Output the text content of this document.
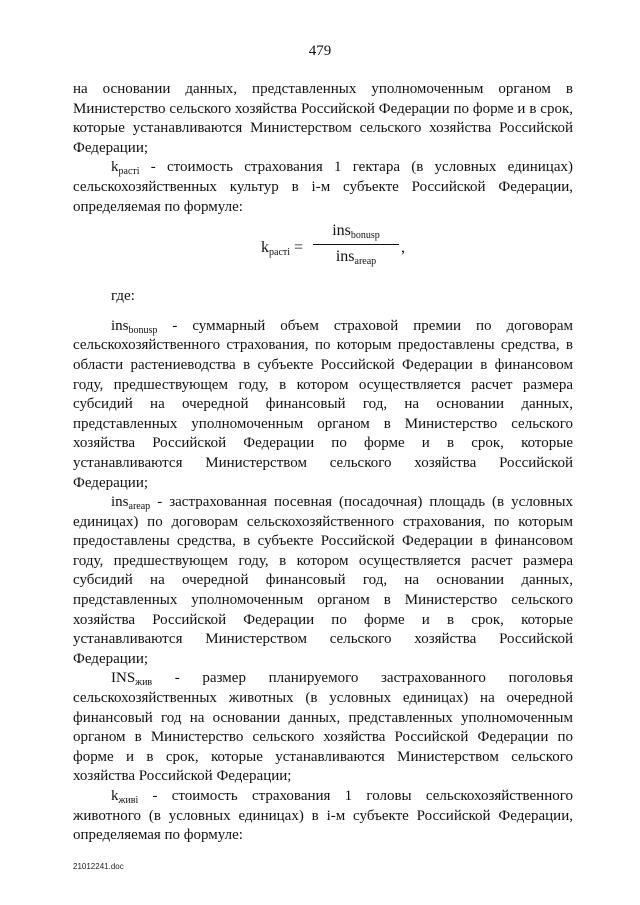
479

на основании данных, представленных уполномоченным органом в Министерство сельского хозяйства Российской Федерации по форме и в срок, которые устанавливаются Министерством сельского хозяйства Российской Федерации;

$k_{расті}$ - стоимость страхования 1 гектара (в условных единицах) сельскохозяйственных культур в i-м субъекте Российской Федерации, определяемая по формуле:

$k_{расті}$ =
ins$_{bonusp}$
ins$_{areap}$
,

где:

ins$_{bonusp}$ - суммарный объем страховой премии по договорам сельскохозяйственного страхования, по которым предоставлены средства, в области растениеводства в субъекте Российской Федерации в финансовом году, предшествующем году, в котором осуществляется расчет размера субсидий на очередной финансовый год, на основании данных, представленных уполномоченным органом в Министерство сельского хозяйства Российской Федерации по форме и в срок, которые устанавливаются Министерством сельского хозяйства Российской Федерации;

ins$_{areap}$ - застрахованная посевная (посадочная) площадь (в условных единицах) по договорам сельскохозяйственного страхования, по которым предоставлены средства, в субъекте Российской Федерации в финансовом году, предшествующем году, в котором осуществляется расчет размера субсидий на очередной финансовый год, на основании данных, представленных уполномоченным органом в Министерство сельского хозяйства Российской Федерации по форме и в срок, которые устанавливаются Министерством сельского хозяйства Российской Федерации;

$INS_{жив}$ - размер планируемого застрахованного поголовья сельскохозяйственных животных (в условных единицах) на очередной финансовый год на основании данных, представленных уполномоченным органом в Министерство сельского хозяйства Российской Федерации по форме и в срок, которые устанавливаются Министерством сельского хозяйства Российской Федерации;

$k_{живі}$ - стоимость страхования 1 головы сельскохозяйственного животного (в условных единицах) в i-м субъекте Российской Федерации, определяемая по формуле:

21012241.doc
